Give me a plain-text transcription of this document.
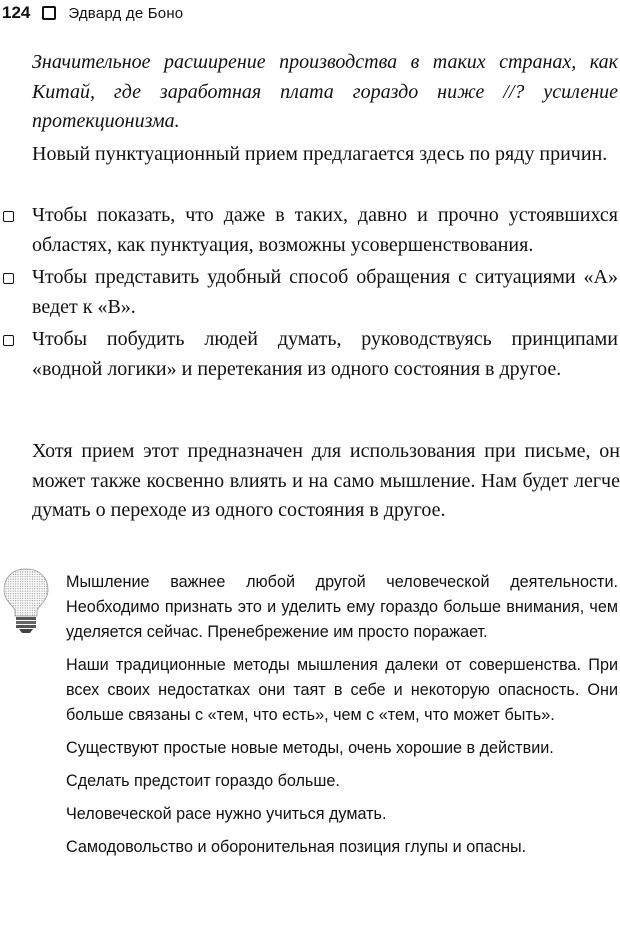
124	Эдвард де Боно
Значительное расширение производства в таких странах, как Китай, где заработная плата гораздо ниже //? усиление протекционизма.
Новый пунктуационный прием предлагается здесь по ряду причин.
Чтобы показать, что даже в таких, давно и прочно устоявшихся областях, как пунктуация, возможны усовершенствования.
Чтобы представить удобный способ обращения с ситуациями «А» ведет к «В».
Чтобы побудить людей думать, руководствуясь принципами «водной логики» и перетекания из одного состояния в другое.
Хотя прием этот предназначен для использования при письме, он может также косвенно влиять и на само мышление. Нам будет легче думать о переходе из одного состояния в другое.

Мышление важнее любой другой человеческой деятельности. Необходимо признать это и уделить ему гораздо больше внимания, чем уделяется сейчас. Пренебрежение им просто поражает.

Наши традиционные методы мышления далеки от совершенства. При всех своих недостатках они таят в себе и некоторую опасность. Они больше связаны с «тем, что есть», чем с «тем, что может быть».

Существуют простые новые методы, очень хорошие в действии.

Сделать предстоит гораздо больше.

Человеческой расе нужно учиться думать.

Самодовольство и оборонительная позиция глупы и опасны.
